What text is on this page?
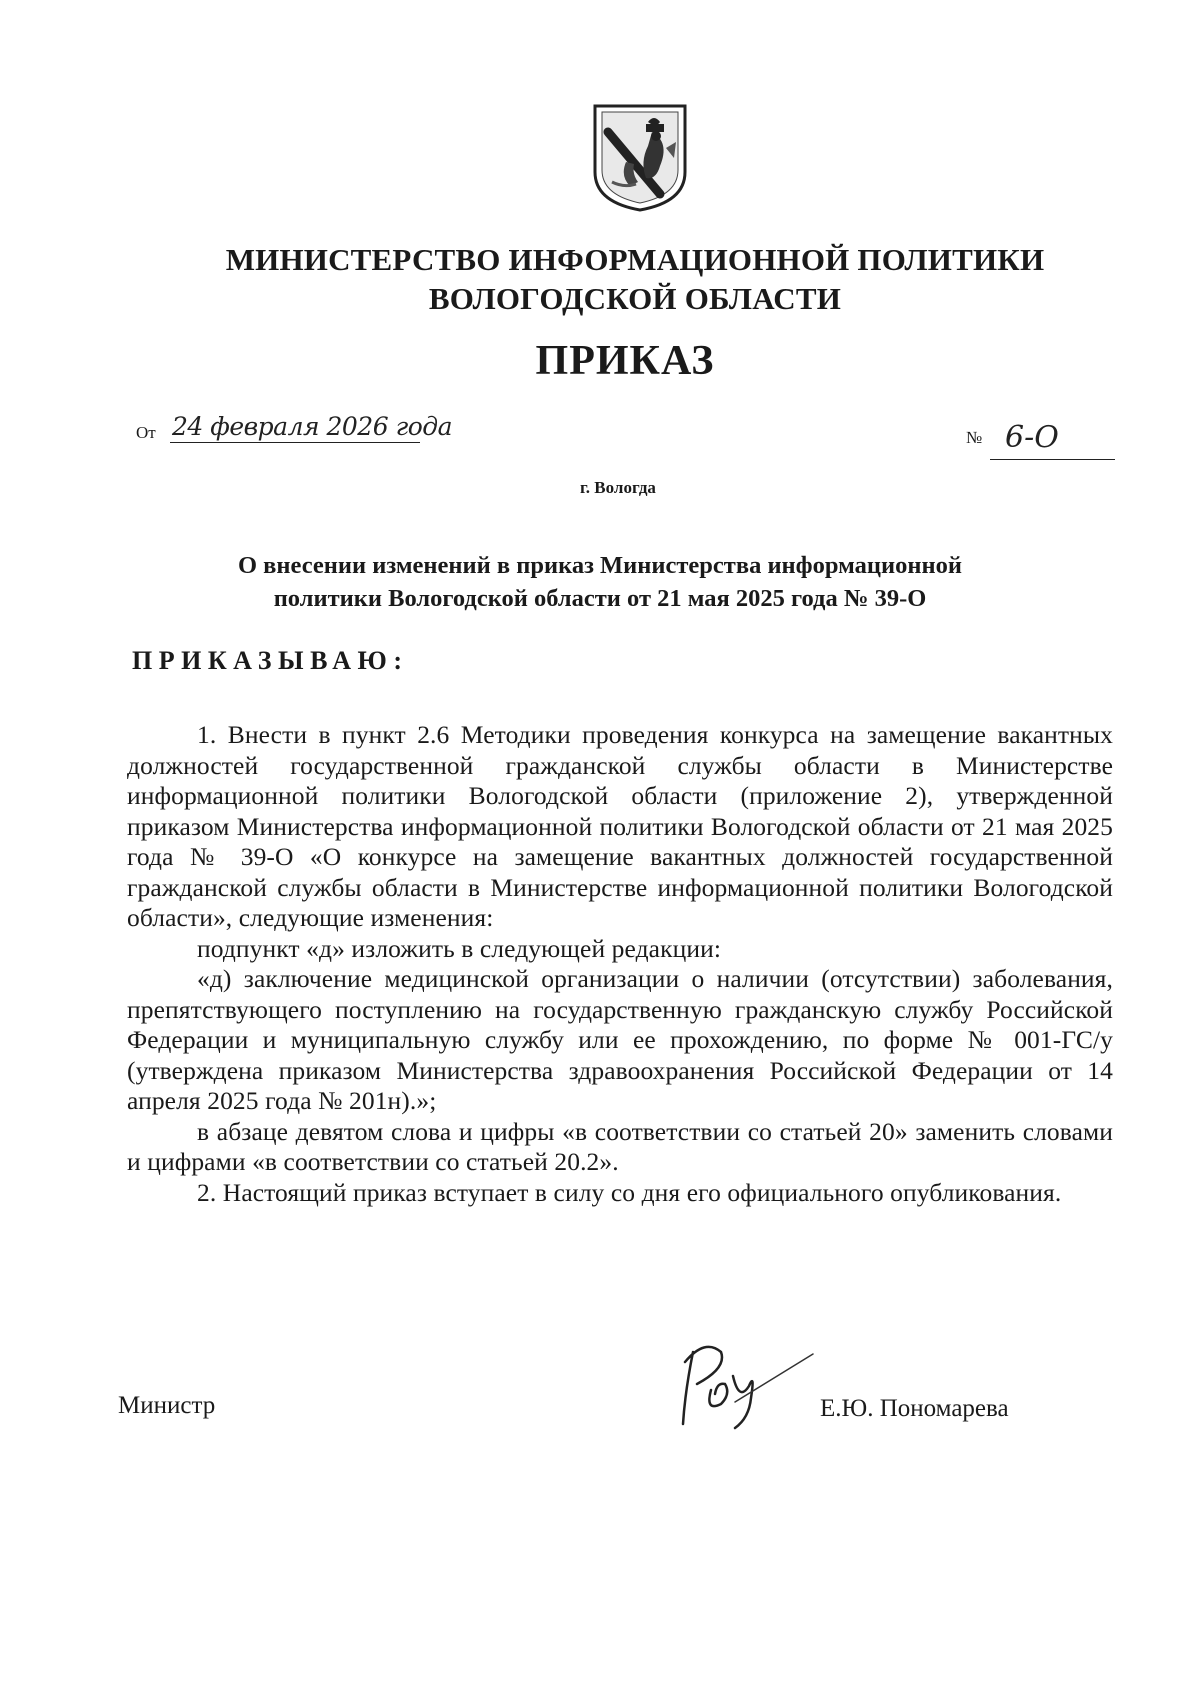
МИНИСТЕРСТВО ИНФОРМАЦИОННОЙ ПОЛИТИКИ
ВОЛОГОДСКОЙ ОБЛАСТИ
ПРИКАЗ
От 24 февраля 2026 года	№ 6-О
г. Вологда
О внесении изменений в приказ Министерства информационной
политики Вологодской области от 21 мая 2025 года № 39-О
ПРИКАЗЫВАЮ:

1. Внести в пункт 2.6 Методики проведения конкурса на замещение вакантных должностей государственной гражданской службы области в Министерстве информационной политики Вологодской области (приложение 2), утвержденной приказом Министерства информационной политики Вологодской области от 21 мая 2025 года № 39-О «О конкурсе на замещение вакантных должностей государственной гражданской службы области в Министерстве информационной политики Вологодской области», следующие изменения:

подпункт «д» изложить в следующей редакции:

«д) заключение медицинской организации о наличии (отсутствии) заболевания, препятствующего поступлению на государственную гражданскую службу Российской Федерации и муниципальную службу или ее прохождению, по форме № 001-ГС/у (утверждена приказом Министерства здравоохранения Российской Федерации от 14 апреля 2025 года № 201н).»;

в абзаце девятом слова и цифры «в соответствии со статьей 20» заменить словами и цифрами «в соответствии со статьей 20.2».

2. Настоящий приказ вступает в силу со дня его официального опубликования.

Министр	Е.Ю. Пономарева
